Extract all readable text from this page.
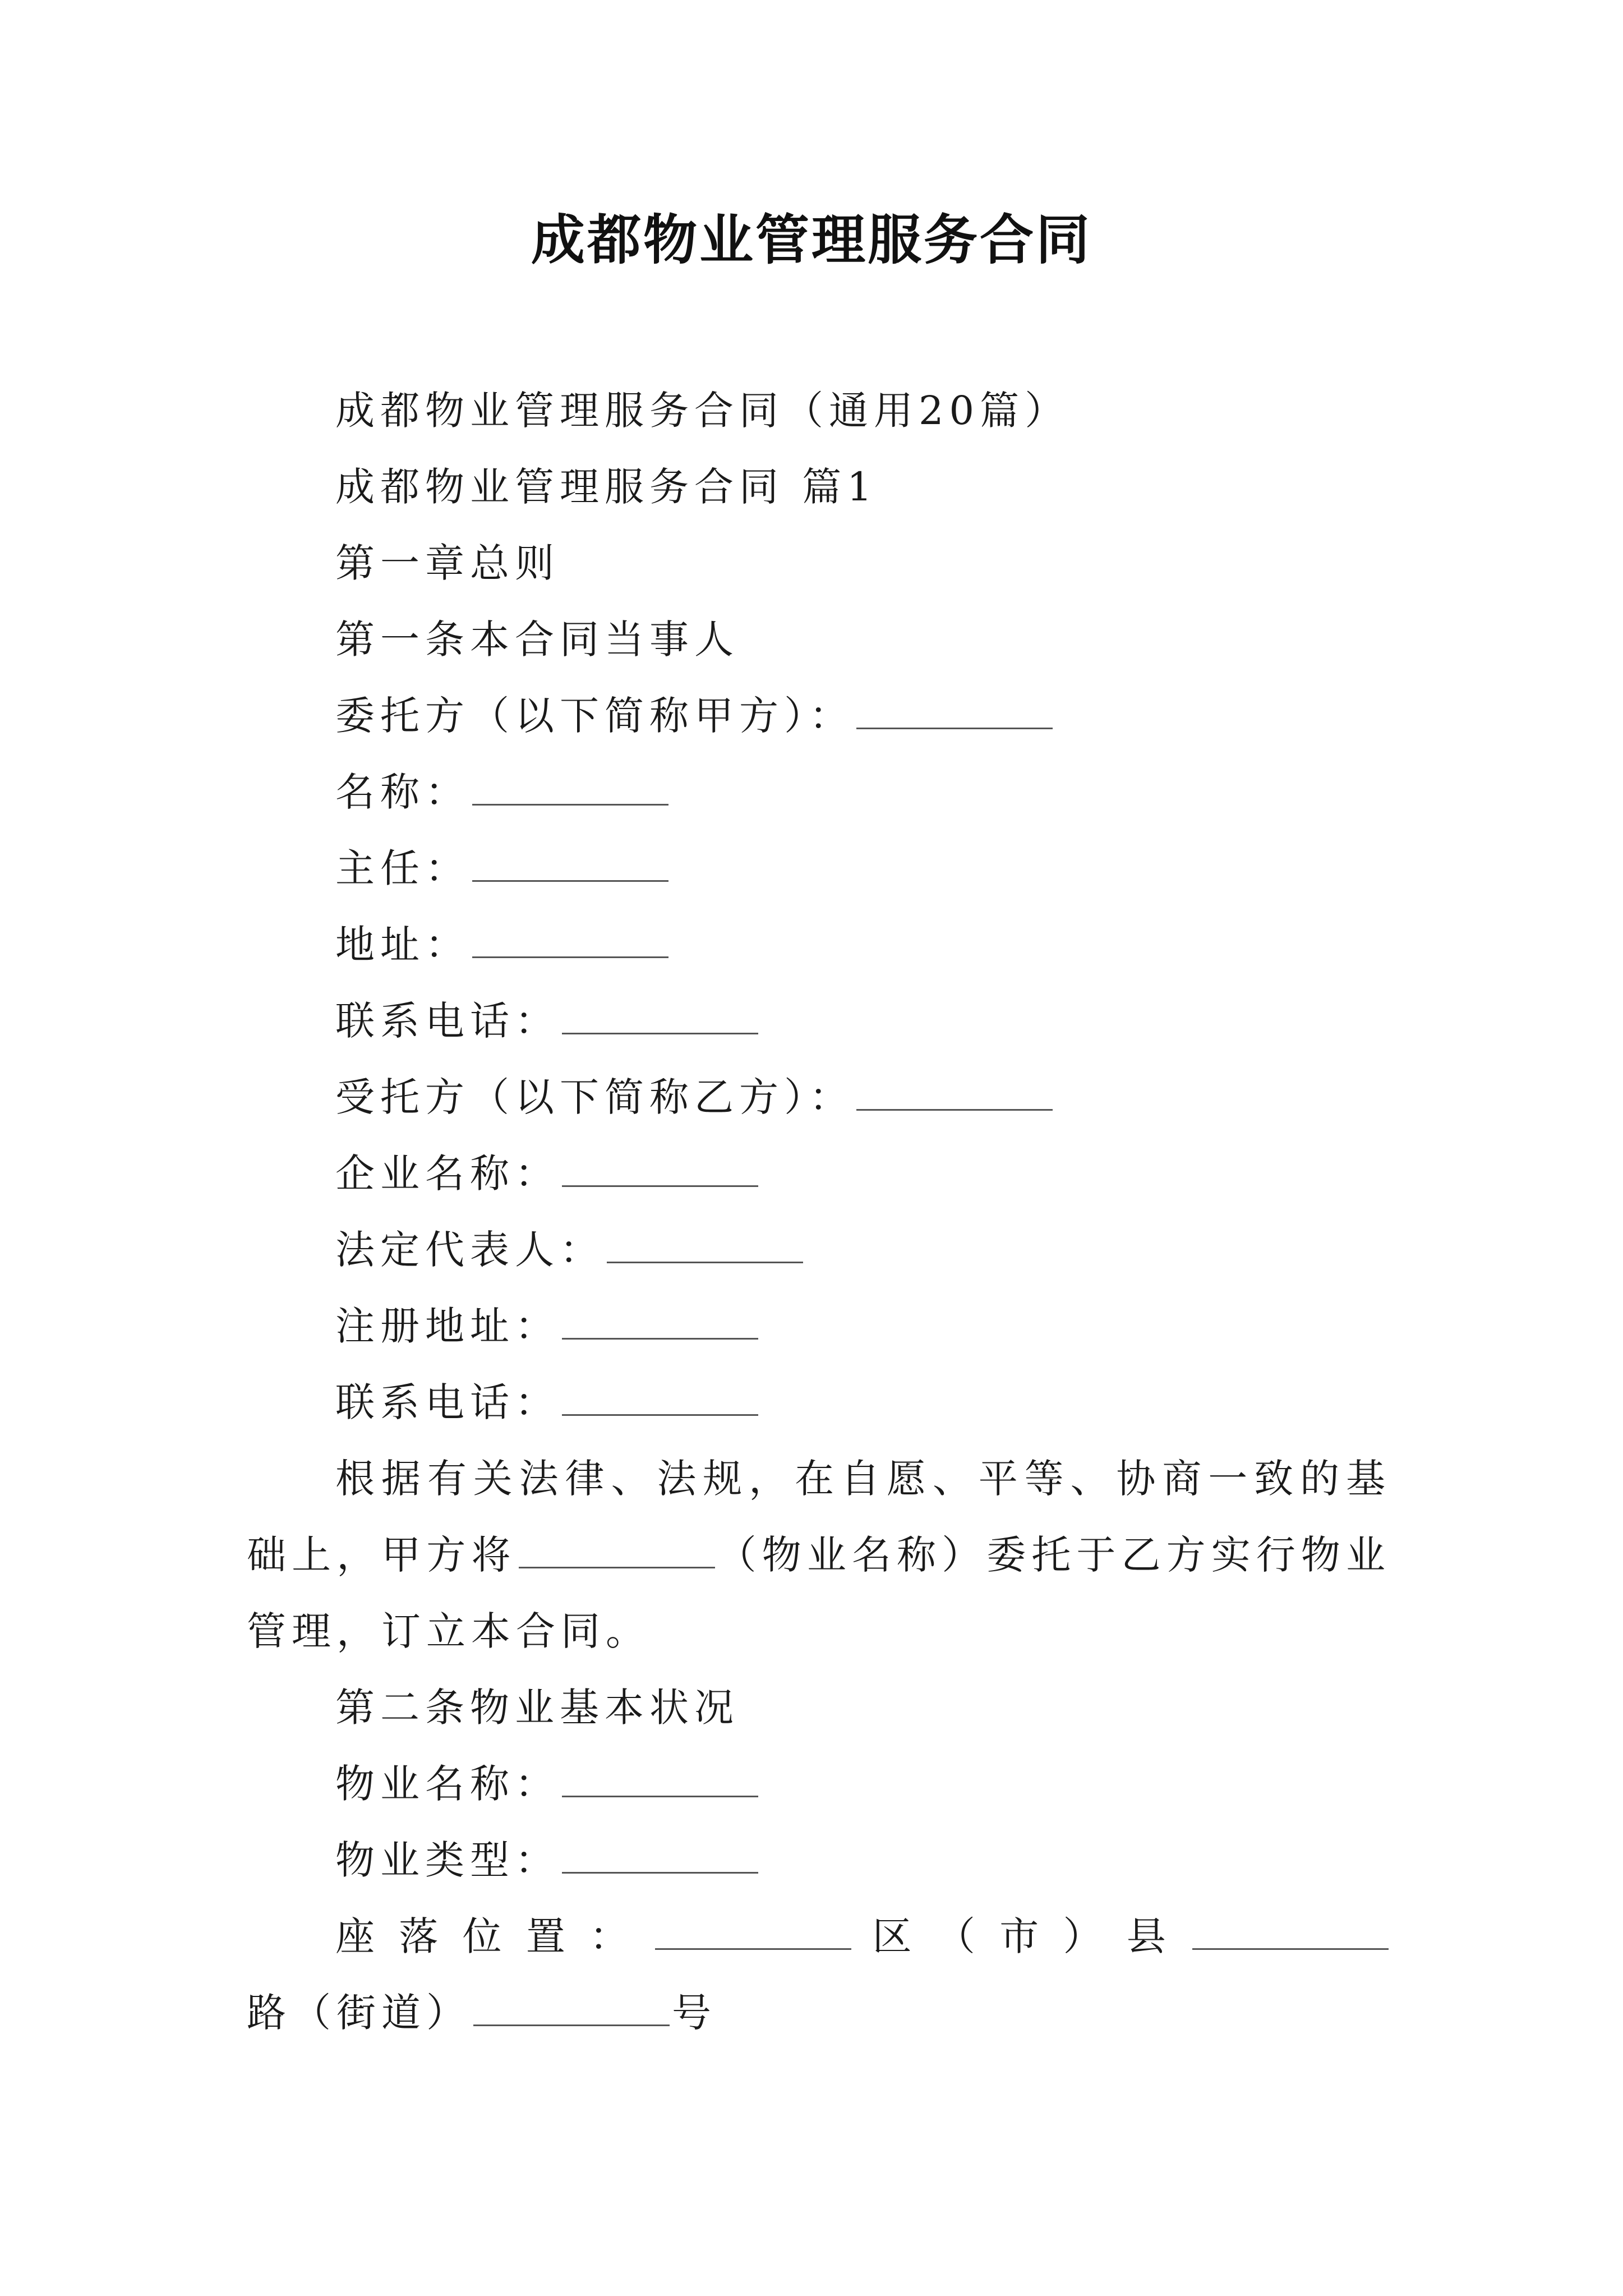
成都物业管理服务合同

成都物业管理服务合同（通用20篇）

成都物业管理服务合同 篇1

第一章总则

第一条本合同当事人

委托方（以下简称甲方）：

名称：

主任：

地址：

联系电话：

受托方（以下简称乙方）：

企业名称：

法定代表人：

注册地址：

联系电话：

根据有关法律、法规，在自愿、平等、协商一致的基础上，甲方将	（物业名称）委托于乙方实行物业管理，订立本合同。

第二条物业基本状况

物业名称：

物业类型：

座落位置：	区（市）县路（街道）	号
